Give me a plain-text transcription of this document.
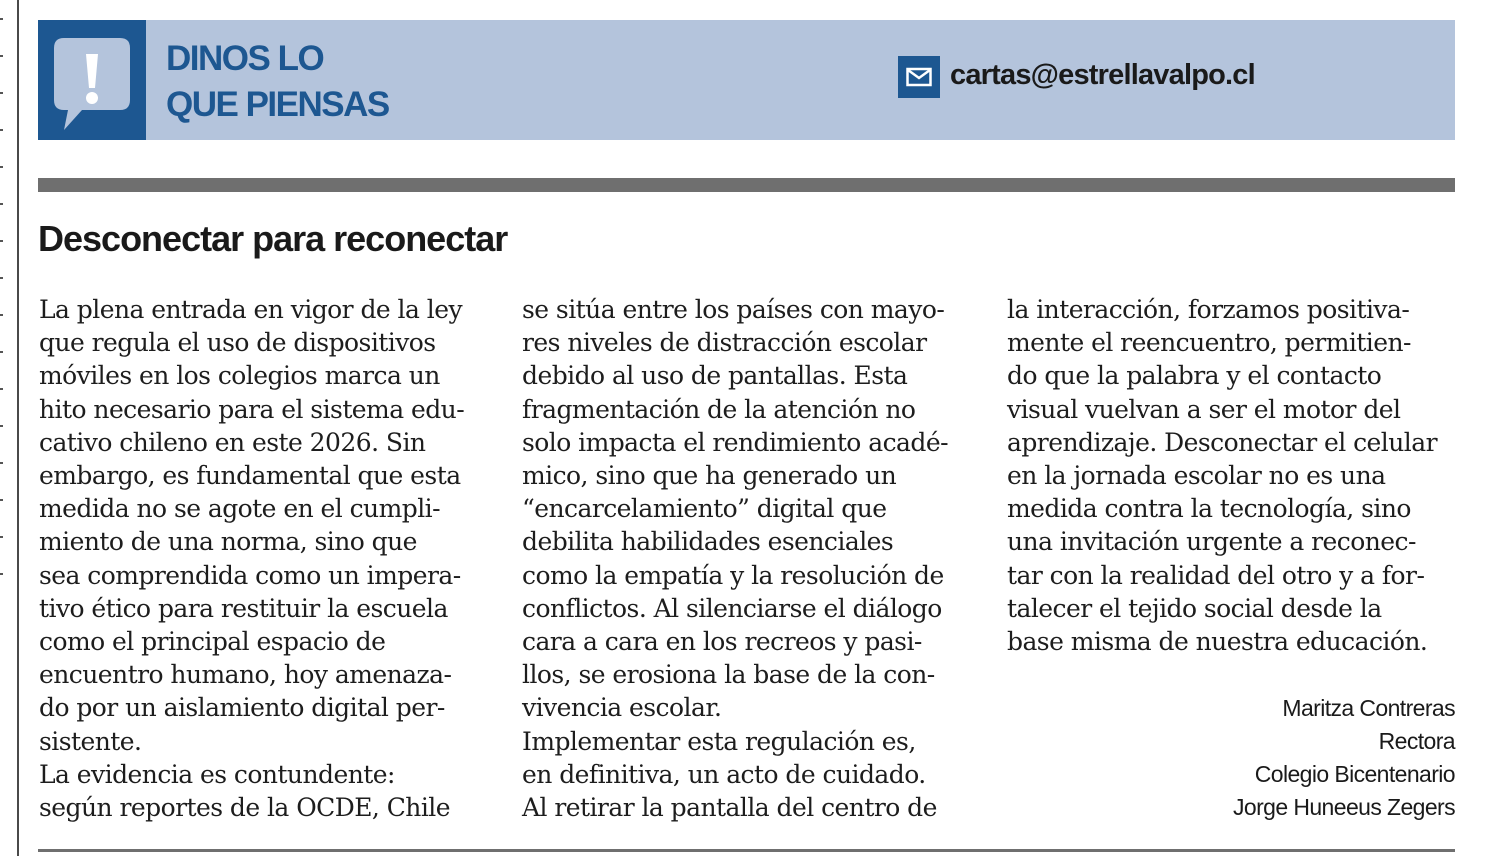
DINOS LO
QUE PIENSAS
cartas@estrellavalpo.cl
Desconectar para reconectar
La plena entrada en vigor de la ley
que regula el uso de dispositivos
móviles en los colegios marca un
hito necesario para el sistema edu-
cativo chileno en este 2026. Sin
embargo, es fundamental que esta
medida no se agote en el cumpli-
miento de una norma, sino que
sea comprendida como un impera-
tivo ético para restituir la escuela
como el principal espacio de
encuentro humano, hoy amenaza-
do por un aislamiento digital per-
sistente.
La evidencia es contundente:
según reportes de la OCDE, Chile
se sitúa entre los países con mayo-
res niveles de distracción escolar
debido al uso de pantallas. Esta
fragmentación de la atención no
solo impacta el rendimiento acadé-
mico, sino que ha generado un
“encarcelamiento” digital que
debilita habilidades esenciales
como la empatía y la resolución de
conflictos. Al silenciarse el diálogo
cara a cara en los recreos y pasi-
llos, se erosiona la base de la con-
vivencia escolar.
Implementar esta regulación es,
en definitiva, un acto de cuidado.
Al retirar la pantalla del centro de
la interacción, forzamos positiva-
mente el reencuentro, permitien-
do que la palabra y el contacto
visual vuelvan a ser el motor del
aprendizaje. Desconectar el celular
en la jornada escolar no es una
medida contra la tecnología, sino
una invitación urgente a reconec-
tar con la realidad del otro y a for-
talecer el tejido social desde la
base misma de nuestra educación.
Maritza Contreras
Rectora
Colegio Bicentenario
Jorge Huneeus Zegers
